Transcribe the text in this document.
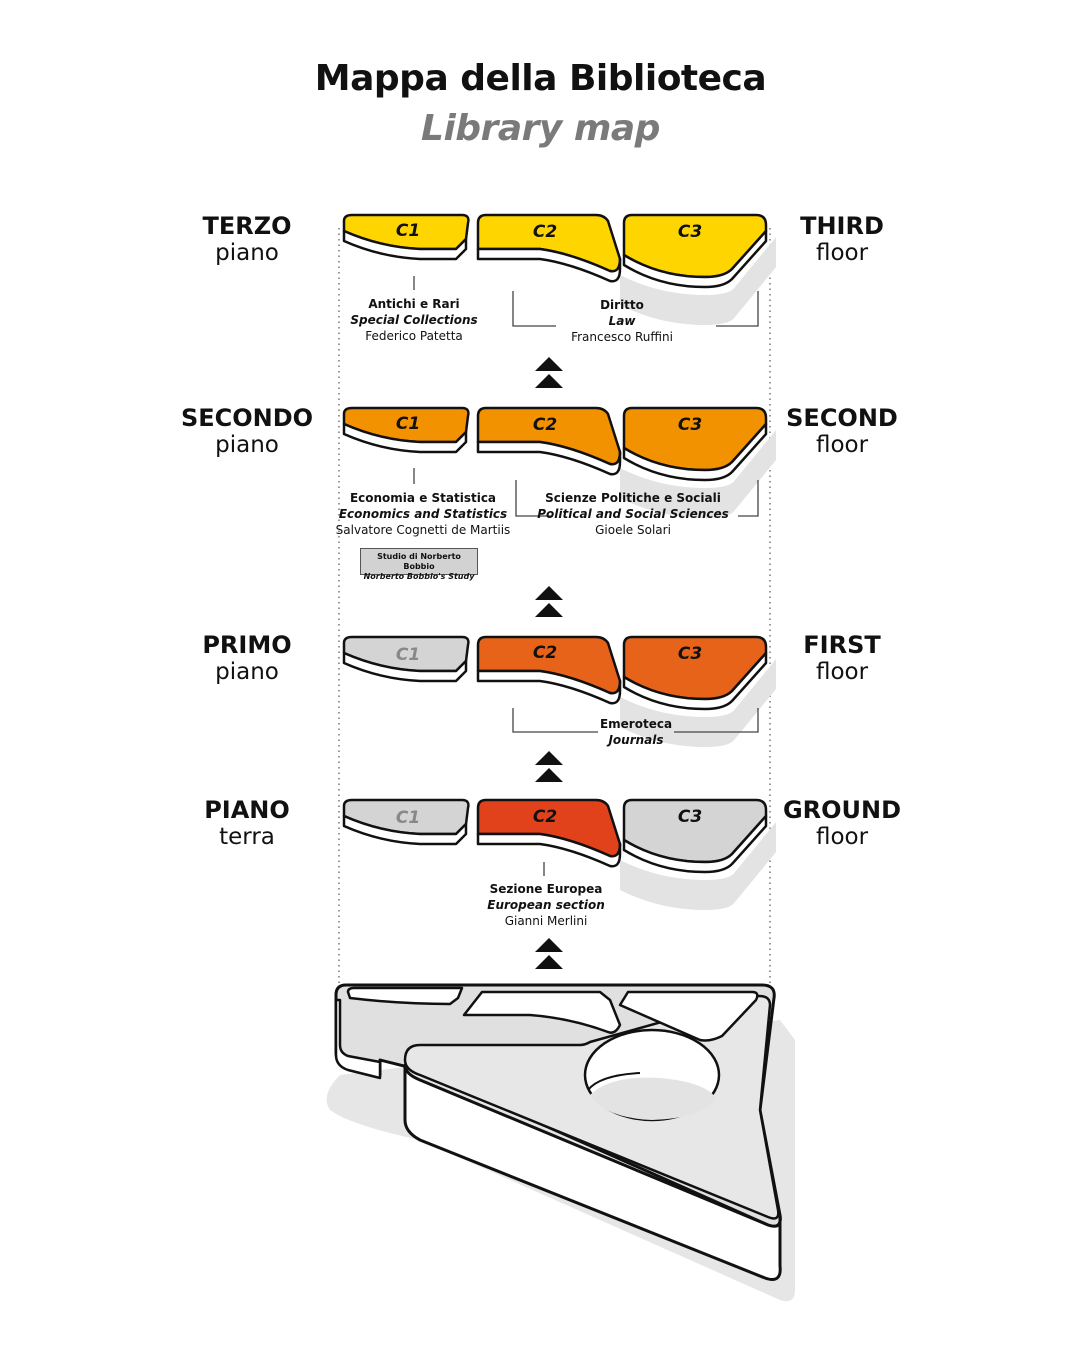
Mappa della Biblioteca
Library map
TERZO
piano
THIRD
floor
SECONDO
piano
SECOND
floor
PRIMO
piano
FIRST
floor
PIANO
terra
GROUND
floor
C1	C2	C3
C1	C2	C3
C1	C2	C3
C1	C2	C3
Antichi e Rari
Special Collections
Federico Patetta
Diritto
Law
Francesco Ruffini
Economia e Statistica
Economics and Statistics
Salvatore Cognetti de Martiis
Scienze Politiche e Sociali
Political and Social Sciences
Gioele Solari
Studio di Norberto Bobbio
Norberto Bobbio's Study
Emeroteca
Journals
Sezione Europea
European section
Gianni Merlini
